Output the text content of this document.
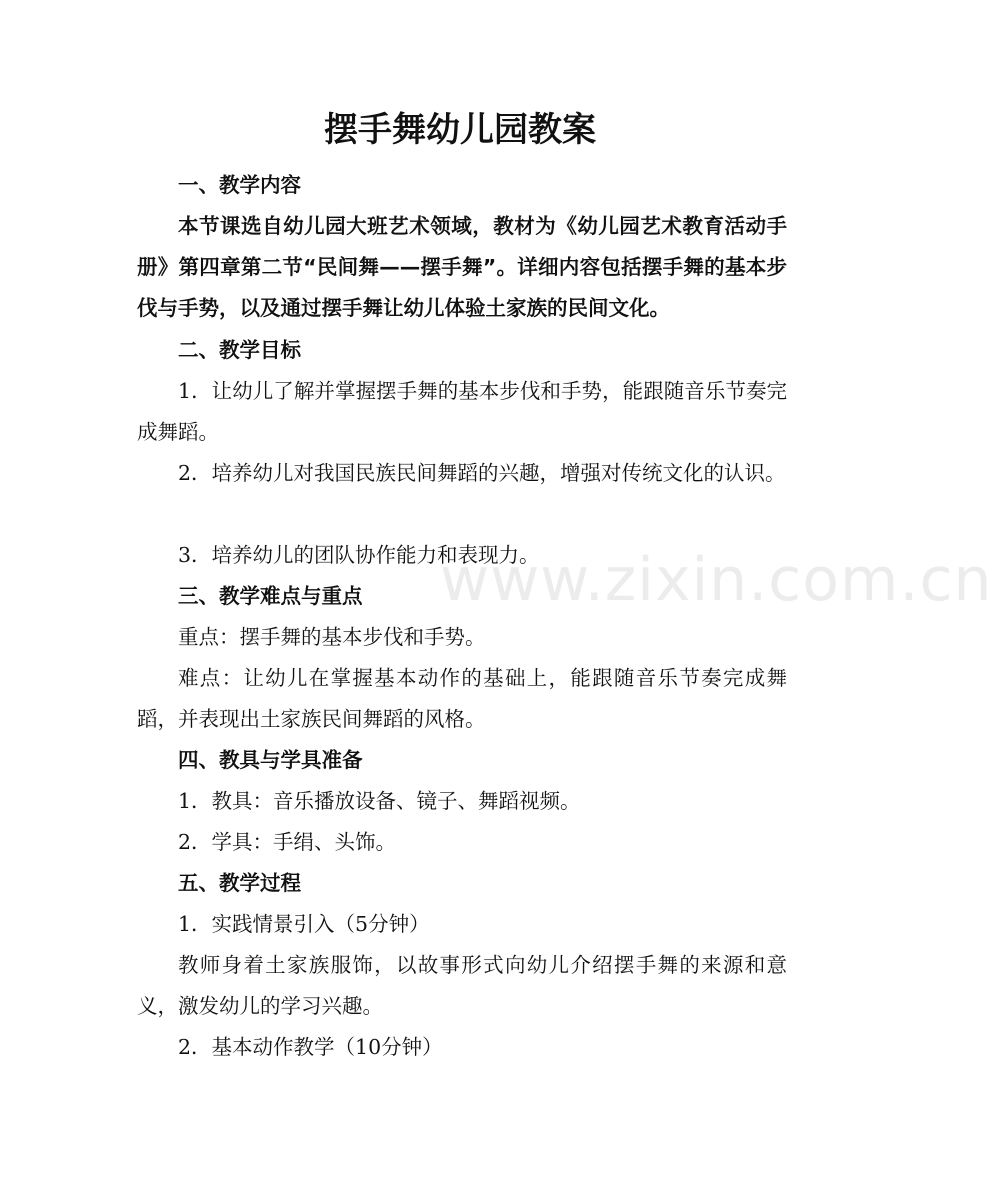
www.zixin.com.cn
摆手舞幼儿园教案
一、教学内容
本节课选自幼儿园大班艺术领域，教材为《幼儿园艺术教育活动手册》第四章第二节“民间舞——摆手舞”。详细内容包括摆手舞的基本步伐与手势，以及通过摆手舞让幼儿体验土家族的民间文化。
二、教学目标
1．让幼儿了解并掌握摆手舞的基本步伐和手势，能跟随音乐节奏完成舞蹈。
2．培养幼儿对我国民族民间舞蹈的兴趣，增强对传统文化的认识。
3．培养幼儿的团队协作能力和表现力。
三、教学难点与重点
重点：摆手舞的基本步伐和手势。
难点：让幼儿在掌握基本动作的基础上，能跟随音乐节奏完成舞蹈，并表现出土家族民间舞蹈的风格。
四、教具与学具准备
1．教具：音乐播放设备、镜子、舞蹈视频。
2．学具：手绢、头饰。
五、教学过程
1．实践情景引入（5分钟）
教师身着土家族服饰，以故事形式向幼儿介绍摆手舞的来源和意义，激发幼儿的学习兴趣。
2．基本动作教学（10分钟）
